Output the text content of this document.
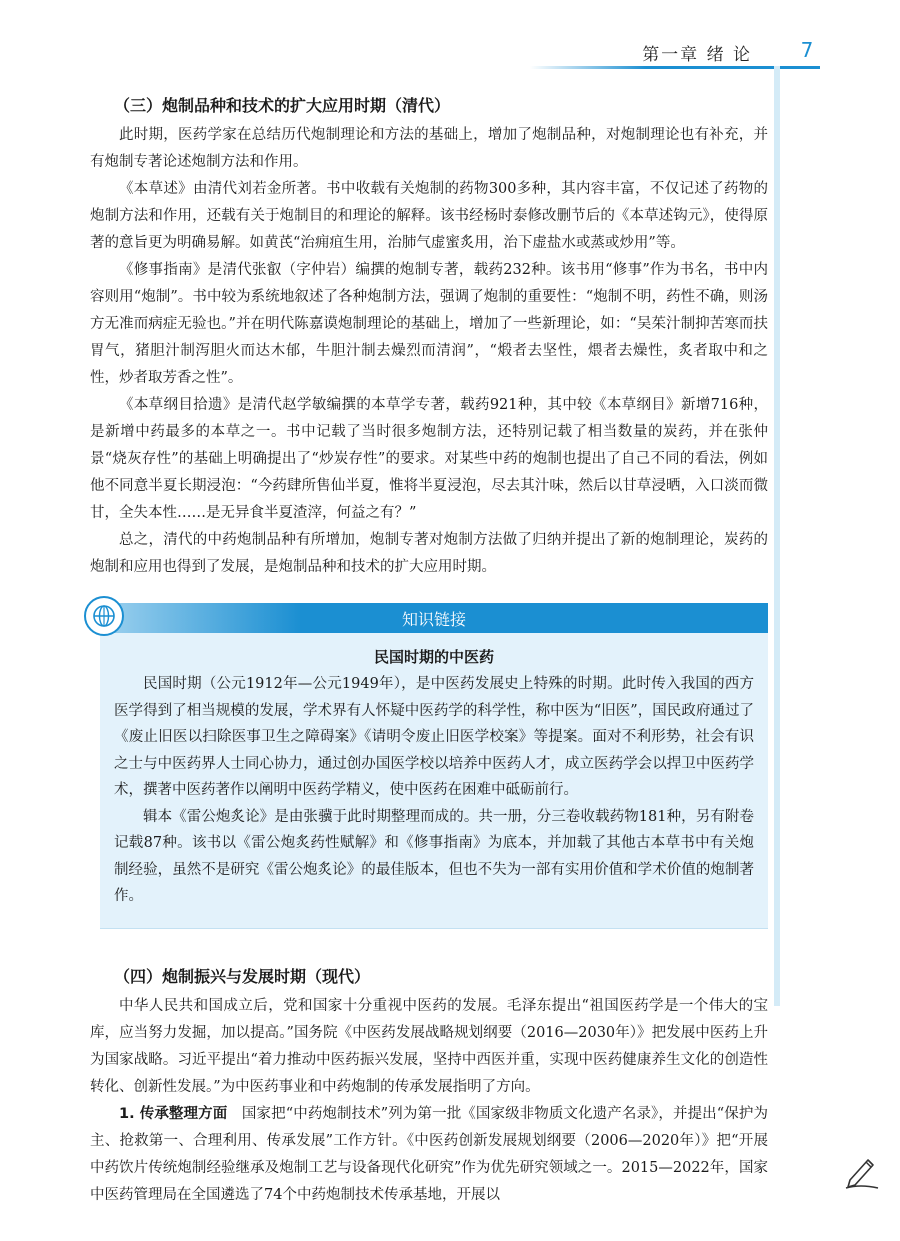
第一章 绪 论	7
（三）炮制品种和技术的扩大应用时期（清代）

此时期，医药学家在总结历代炮制理论和方法的基础上，增加了炮制品种，对炮制理论也有补充，并有炮制专著论述炮制方法和作用。

《本草述》由清代刘若金所著。书中收载有关炮制的药物300多种，其内容丰富，不仅记述了药物的炮制方法和作用，还载有关于炮制目的和理论的解释。该书经杨时泰修改删节后的《本草述钩元》，使得原著的意旨更为明确易解。如黄芪“治痈疽生用，治肺气虚蜜炙用，治下虚盐水或蒸或炒用”等。

《修事指南》是清代张叡（字仲岩）编撰的炮制专著，载药232种。该书用“修事”作为书名，书中内容则用“炮制”。书中较为系统地叙述了各种炮制方法，强调了炮制的重要性：“炮制不明，药性不确，则汤方无准而病症无验也。”并在明代陈嘉谟炮制理论的基础上，增加了一些新理论，如：“吴茱汁制抑苦寒而扶胃气，猪胆汁制泻胆火而达木郁，牛胆汁制去燥烈而清润”，“煅者去坚性，煨者去燥性，炙者取中和之性，炒者取芳香之性”。

《本草纲目拾遗》是清代赵学敏编撰的本草学专著，载药921种，其中较《本草纲目》新增716种，是新增中药最多的本草之一。书中记载了当时很多炮制方法，还特别记载了相当数量的炭药，并在张仲景“烧灰存性”的基础上明确提出了“炒炭存性”的要求。对某些中药的炮制也提出了自己不同的看法，例如他不同意半夏长期浸泡：“今药肆所售仙半夏，惟将半夏浸泡，尽去其汁味，然后以甘草浸晒，入口淡而微甘，全失本性……是无异食半夏渣滓，何益之有？”

总之，清代的中药炮制品种有所增加，炮制专著对炮制方法做了归纳并提出了新的炮制理论，炭药的炮制和应用也得到了发展，是炮制品种和技术的扩大应用时期。

知识链接
民国时期的中医药

民国时期（公元1912年—公元1949年），是中医药发展史上特殊的时期。此时传入我国的西方医学得到了相当规模的发展，学术界有人怀疑中医药学的科学性，称中医为“旧医”，国民政府通过了《废止旧医以扫除医事卫生之障碍案》《请明令废止旧医学校案》等提案。面对不利形势，社会有识之士与中医药界人士同心协力，通过创办国医学校以培养中医药人才，成立医药学会以捍卫中医药学术，撰著中医药著作以阐明中医药学精义，使中医药在困难中砥砺前行。

辑本《雷公炮炙论》是由张骥于此时期整理而成的。共一册，分三卷收载药物181种，另有附卷记载87种。该书以《雷公炮炙药性赋解》和《修事指南》为底本，并加载了其他古本草书中有关炮制经验，虽然不是研究《雷公炮炙论》的最佳版本，但也不失为一部有实用价值和学术价值的炮制著作。

（四）炮制振兴与发展时期（现代）

中华人民共和国成立后，党和国家十分重视中医药的发展。毛泽东提出“祖国医药学是一个伟大的宝库，应当努力发掘，加以提高。”国务院《中医药发展战略规划纲要（2016—2030年）》把发展中医药上升为国家战略。习近平提出“着力推动中医药振兴发展，坚持中西医并重，实现中医药健康养生文化的创造性转化、创新性发展。”为中医药事业和中药炮制的传承发展指明了方向。

1. 传承整理方面　国家把“中药炮制技术”列为第一批《国家级非物质文化遗产名录》，并提出“保护为主、抢救第一、合理利用、传承发展”工作方针。《中医药创新发展规划纲要（2006—2020年）》把“开展中药饮片传统炮制经验继承及炮制工艺与设备现代化研究”作为优先研究领域之一。2015—2022年，国家中医药管理局在全国遴选了74个中药炮制技术传承基地，开展以
